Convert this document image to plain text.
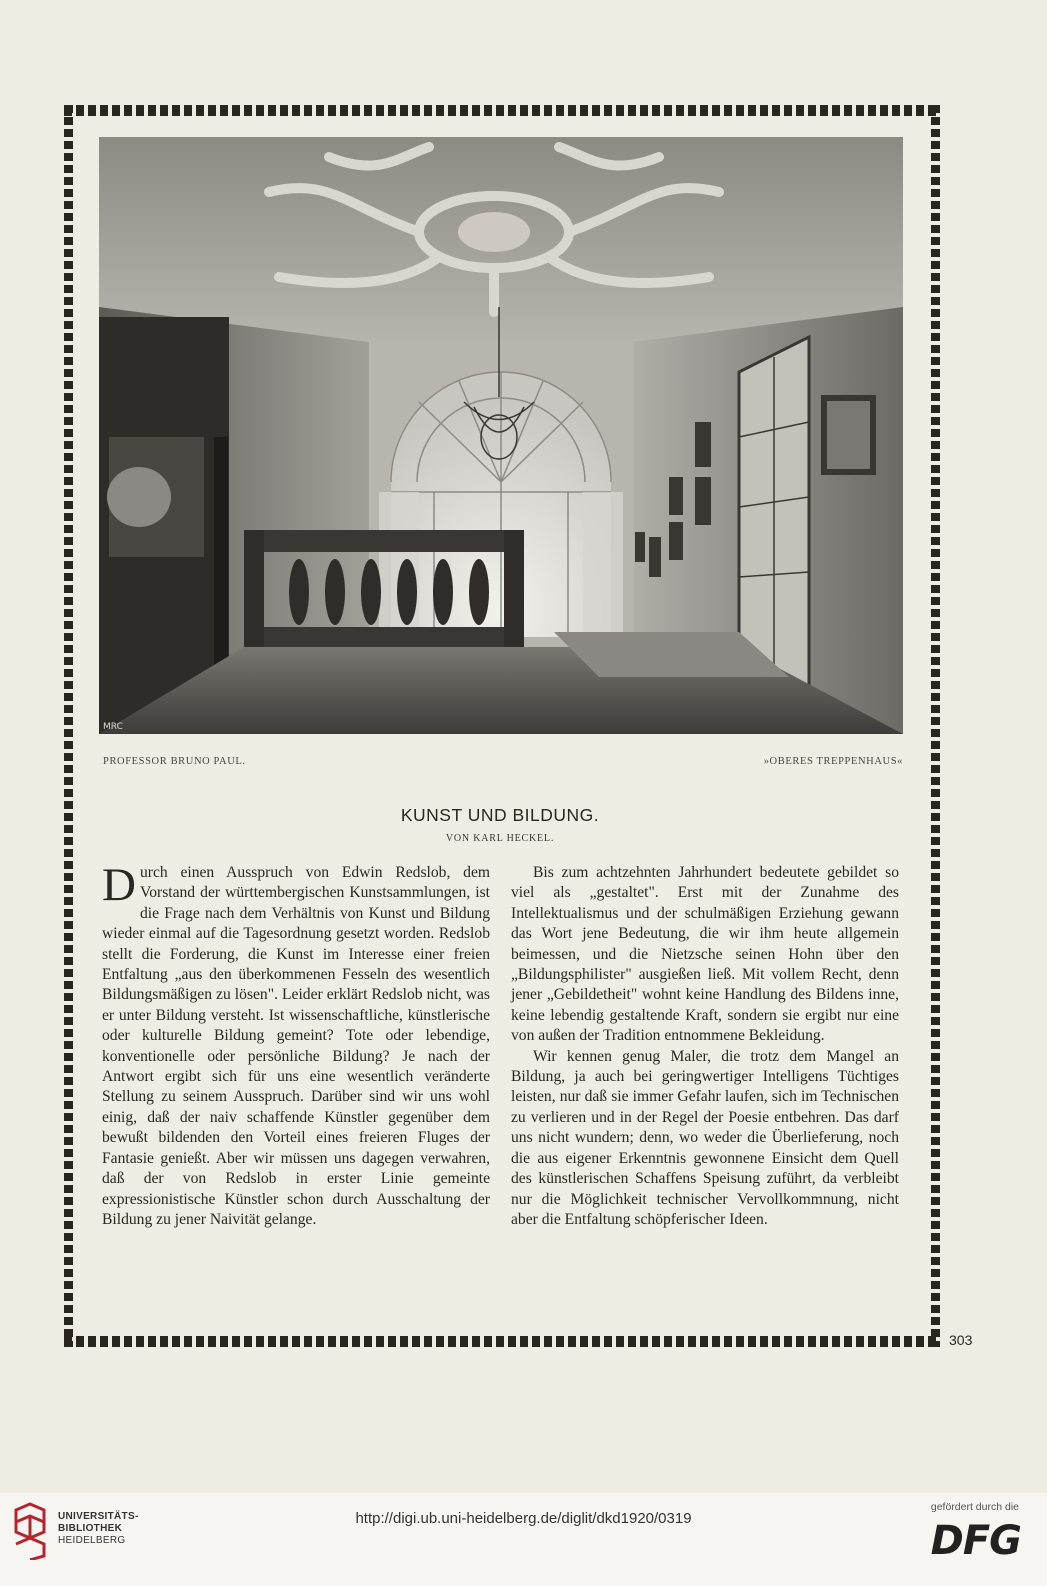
MRC
PROFESSOR BRUNO PAUL.	»OBERES TREPPENHAUS«
KUNST UND BILDUNG.
VON KARL HECKEL.

Durch einen Ausspruch von Edwin Redslob, dem Vorstand der württembergischen Kunstsammlungen, ist die Frage nach dem Verhältnis von Kunst und Bildung wieder einmal auf die Tagesordnung gesetzt worden. Redslob stellt die Forderung, die Kunst im Interesse einer freien Entfaltung „aus den überkommenen Fesseln des wesentlich Bildungsmäßigen zu lösen". Leider erklärt Redslob nicht, was er unter Bildung versteht. Ist wissenschaftliche, künstlerische oder kulturelle Bildung gemeint? Tote oder lebendige, konventionelle oder persönliche Bildung? Je nach der Antwort ergibt sich für uns eine wesentlich veränderte Stellung zu seinem Ausspruch. Darüber sind wir uns wohl einig, daß der naiv schaffende Künstler gegenüber dem bewußt bildenden den Vorteil eines freieren Fluges der Fantasie genießt. Aber wir müssen uns dagegen verwahren, daß der von Redslob in erster Linie gemeinte expressionistische Künstler schon durch Ausschaltung der Bildung zu jener Naivität gelange.

Bis zum achtzehnten Jahrhundert bedeutete gebildet so viel als „gestaltet". Erst mit der Zunahme des Intellektualismus und der schulmäßigen Erziehung gewann das Wort jene Bedeutung, die wir ihm heute allgemein beimessen, und die Nietzsche seinen Hohn über den „Bildungsphilister" ausgießen ließ. Mit vollem Recht, denn jener „Gebildetheit" wohnt keine Handlung des Bildens inne, keine lebendig gestaltende Kraft, sondern sie ergibt nur eine von außen der Tradition entnommene Bekleidung.

Wir kennen genug Maler, die trotz dem Mangel an Bildung, ja auch bei geringwertiger Intelligens Tüchtiges leisten, nur daß sie immer Gefahr laufen, sich im Technischen zu verlieren und in der Regel der Poesie entbehren. Das darf uns nicht wundern; denn, wo weder die Überlieferung, noch die aus eigener Erkenntnis gewonnene Einsicht dem Quell des künstlerischen Schaffens Speisung zuführt, da verbleibt nur die Möglichkeit technischer Vervollkommnung, nicht aber die Entfaltung schöpferischer Ideen.

303
UNIVERSITÄTS-
BIBLIOTHEK
HEIDELBERG
http://digi.ub.uni-heidelberg.de/diglit/dkd1920/0319
gefördert durch die
DFG
